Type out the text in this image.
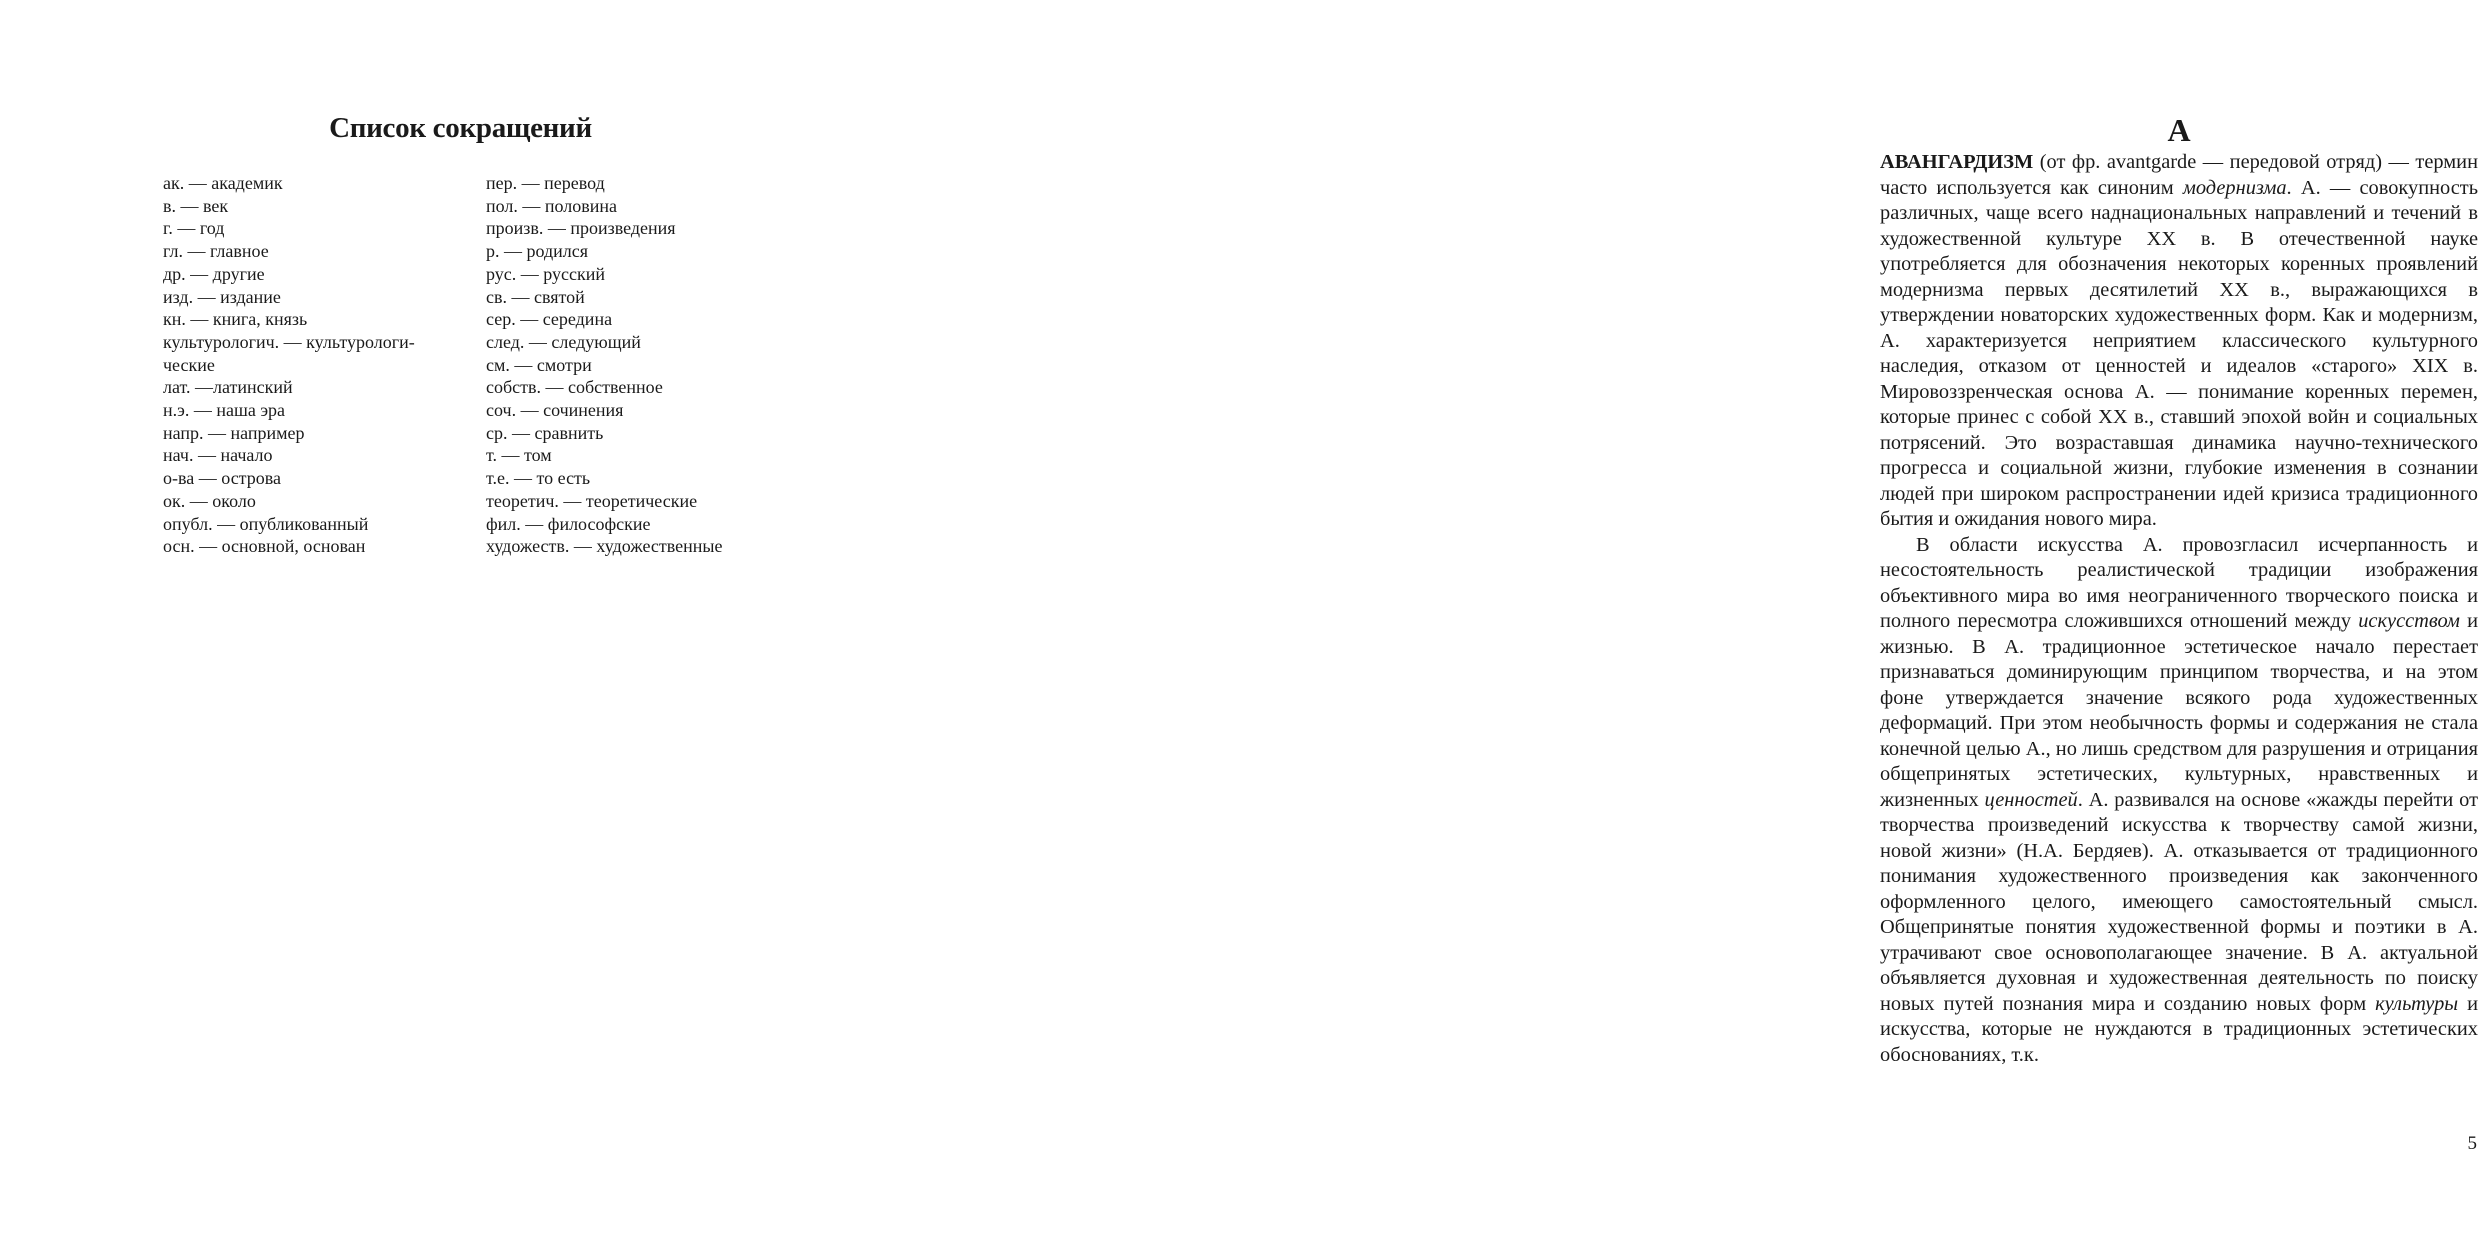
Список сокращений
ак. — академик
в. — век
г. — год
гл. — главное
др. — другие
изд. — издание
кн. — книга, князь
культурологич. — культурологи-
ческие
лат. —латинский
н.э. — наша эра
напр. — например
нач. — начало
о-ва — острова
ок. — около
опубл. — опубликованный
осн. — основной, основан
пер. — перевод
пол. — половина
произв. — произведения
р. — родился
рус. — русский
св. — святой
сер. — середина
след. — следующий
см. — смотри
собств. — собственное
соч. — сочинения
ср. — сравнить
т. — том
т.е. — то есть
теоретич. — теоретические
фил. — философские
художеств. — художественные
А

АВАНГАРДИЗМ (от фр. avantgarde — передовой отряд) — термин часто используется как синоним модернизма. А. — совокупность различных, чаще всего наднациональных направлений и течений в художественной культуре XX в. В отечественной науке употребляется для обозначения некоторых коренных проявлений модернизма первых десятилетий XX в., выражающихся в утверждении новаторских художественных форм. Как и модернизм, А. характеризуется неприятием классического культурного наследия, отказом от ценностей и идеалов «старого» XIX в. Мировоззренческая основа А. — понимание коренных перемен, которые принес с собой XX в., ставший эпохой войн и социальных потрясений. Это возраставшая динамика научно-технического прогресса и социальной жизни, глубокие изменения в сознании людей при широком распространении идей кризиса традиционного бытия и ожидания нового мира.

В области искусства А. провозгласил исчерпанность и несостоятельность реалистической традиции изображения объективного мира во имя неограниченного творческого поиска и полного пересмотра сложившихся отношений между искусством и жизнью. В А. традиционное эстетическое начало перестает признаваться доминирующим принципом творчества, и на этом фоне утверждается значение всякого рода художественных деформаций. При этом необычность формы и содержания не стала конечной целью А., но лишь средством для разрушения и отрицания общепринятых эстетических, культурных, нравственных и жизненных ценностей. А. развивался на основе «жажды перейти от творчества произведений искусства к творчеству самой жизни, новой жизни» (Н.А. Бердяев). А. отказывается от традиционного понимания художественного произведения как законченного оформленного целого, имеющего самостоятельный смысл. Общепринятые понятия художественной формы и поэтики в А. утрачивают свое основополагающее значение. В А. актуальной объявляется духовная и художественная деятельность по поиску новых путей познания мира и созданию новых форм культуры и искусства, которые не нуждаются в традиционных эстетических обоснованиях, т.к.

5
